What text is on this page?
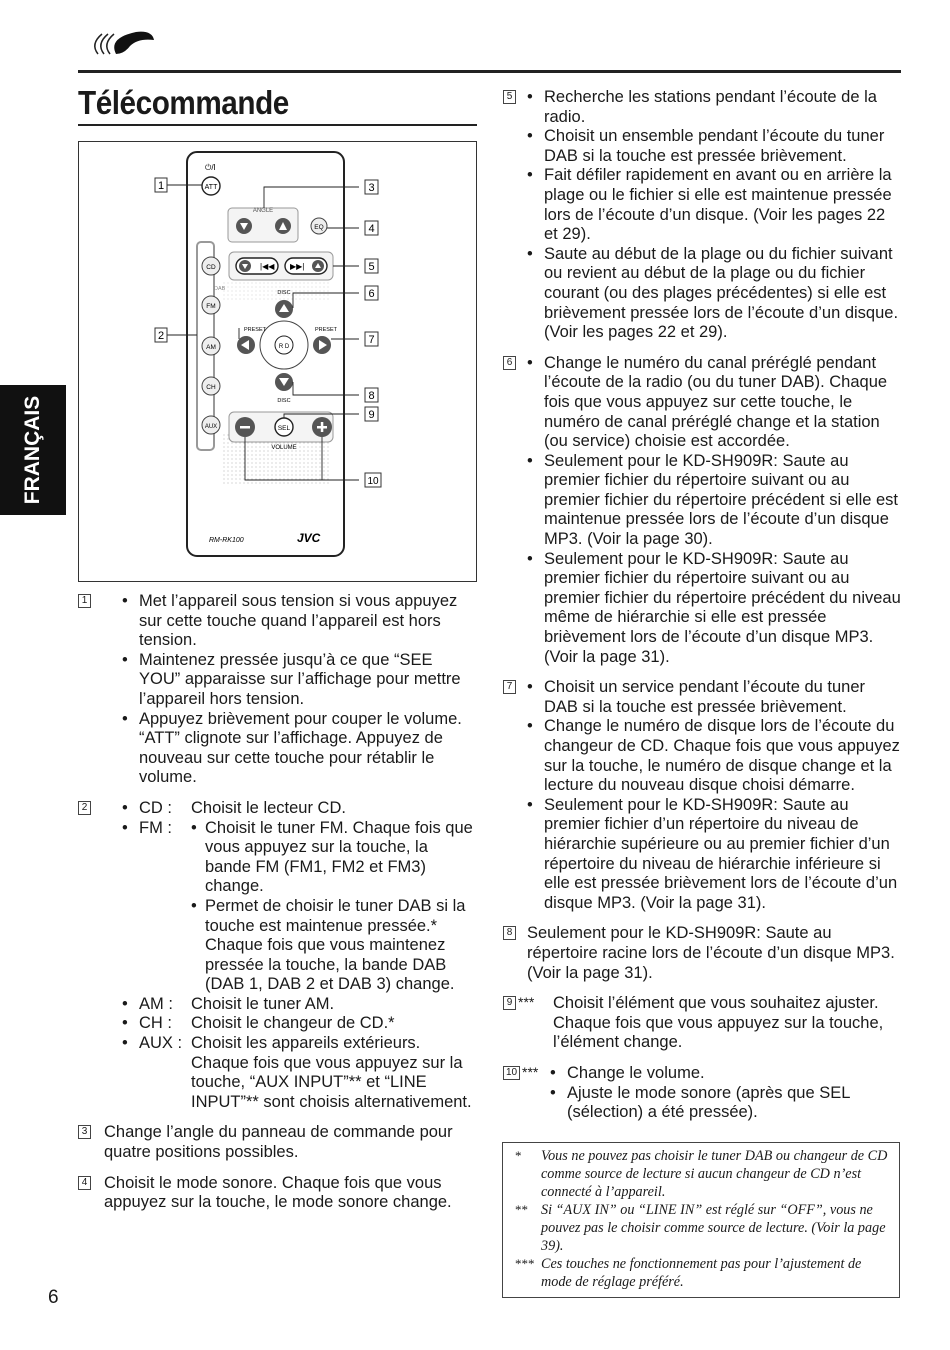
Télécommande
FRANÇAIS
⏻/I
ATT
ANGLE
EQ
CD
DAB
FM
AM
CH
AUX
|◀◀ ▶▶|
DISC
PRESET	PRESET
R D
DISC
SEL
VOLUME
RM-RK100	JVC
1
2
3
4
5
6
7
8
9
10
1	• Met l’appareil sous tension si vous appuyez sur cette touche quand l’appareil est hors tension.
• Maintenez pressée jusqu’à ce que “SEE YOU” apparaisse sur l’affichage pour mettre l’appareil hors tension.
• Appuyez brièvement pour couper le volume. “ATT” clignote sur l’affichage. Appuyez de nouveau sur cette touche pour rétablir le volume.
2	• CD :	Choisit le lecteur CD.
• FM :	• Choisit le tuner FM. Chaque fois que vous appuyez sur la touche, la bande FM (FM1, FM2 et FM3) change.
• Permet de choisir le tuner DAB si la touche est maintenue pressée.* Chaque fois que vous maintenez pressée la touche, la bande DAB (DAB 1, DAB 2 et DAB 3) change.
• AM :	Choisit le tuner AM.
• CH :	Choisit le changeur de CD.*
• AUX : Choisit les appareils extérieurs. Chaque fois que vous appuyez sur la touche, “AUX INPUT”** et “LINE INPUT”** sont choisis alternativement.
3 Change l’angle du panneau de commande pour quatre positions possibles.
4 Choisit le mode sonore. Chaque fois que vous appuyez sur la touche, le mode sonore change.
5	• Recherche les stations pendant l’écoute de la radio.
• Choisit un ensemble pendant l’écoute du tuner DAB si la touche est pressée brièvement.
• Fait défiler rapidement en avant ou en arrière la plage ou le fichier si elle est maintenue pressée lors de l’écoute d’un disque. (Voir les pages 22 et 29).
• Saute au début de la plage ou du fichier suivant ou revient au début de la plage ou du fichier courant (ou des plages précédentes) si elle est brièvement pressée lors de l’écoute d’un disque. (Voir les pages 22 et 29).
6	• Change le numéro du canal préréglé pendant l’écoute de la radio (ou du tuner DAB). Chaque fois que vous appuyez sur cette touche, le numéro de canal préréglé change et la station (ou service) choisie est accordée.
• Seulement pour le KD-SH909R: Saute au premier fichier du répertoire suivant ou au premier fichier du répertoire précédent si elle est maintenue pressée lors de l’écoute d’un disque MP3. (Voir la page 30).
• Seulement pour le KD-SH909R: Saute au premier fichier du répertoire suivant ou au premier fichier du répertoire précédent du niveau même de hiérarchie si elle est pressée brièvement lors de l’écoute d’un disque MP3. (Voir la page 31).
7	• Choisit un service pendant l’écoute du tuner DAB si la touche est pressée brièvement.
• Change le numéro de disque lors de l’écoute du changeur de CD. Chaque fois que vous appuyez sur la touche, le numéro de disque change et la lecture du nouveau disque choisi démarre.
• Seulement pour le KD-SH909R: Saute au premier fichier d’un répertoire du niveau de hiérarchie supérieure ou au premier fichier d’un répertoire du niveau de hiérarchie inférieure si elle est pressée brièvement lors de l’écoute d’un disque MP3. (Voir la page 31).
8 Seulement pour le KD-SH909R: Saute au répertoire racine lors de l’écoute d’un disque MP3. (Voir la page 31).
9 *** Choisit l’élément que vous souhaitez ajuster. Chaque fois que vous appuyez sur la touche, l’élément change.
10 ***	• Change le volume.
• Ajuste le mode sonore (après que SEL (sélection) a été pressée).
* Vous ne pouvez pas choisir le tuner DAB ou changeur de CD comme source de lecture si aucun changeur de CD n’est connecté à l’appareil.
** Si “AUX IN” ou “LINE IN” est réglé sur “OFF”, vous ne pouvez pas le choisir comme source de lecture. (Voir la page 39).
*** Ces touches ne fonctionnement pas pour l’ajustement de mode de réglage préféré.
6
